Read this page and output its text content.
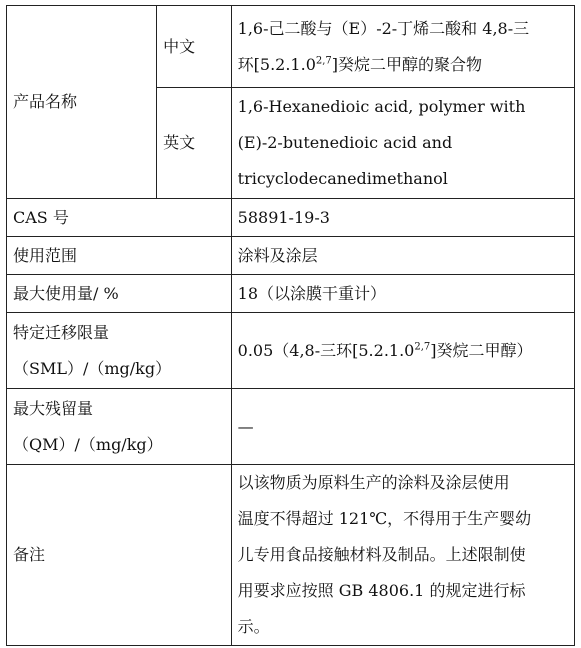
产品名称	中文	1,6-己二酸与（E）-2-丁烯二酸和 4,8-三
环[5.2.1.0$^{2,7}$]癸烷二甲醇的聚合物

	英文	1,6-Hexanedioic acid, polymer with
(E)-2-butenedioic acid and
tricyclodecanedimethanol

CAS 号		58891-19-3
使用范围		涂料及涂层
最大使用量/ %		18（以涂膜干重计）

特定迁移限量
（SML）/（mg/kg）		0.05（4,8-三环[5.2.1.0$^{2,7}$]癸烷二甲醇）

最大残留量
（QM）/（mg/kg）		—
备注		以该物质为原料生产的涂料及涂层使用
温度不得超过 121℃，不得用于生产婴幼
儿专用食品接触材料及制品。上述限制使
用要求应按照 GB 4806.1 的规定进行标
示。
